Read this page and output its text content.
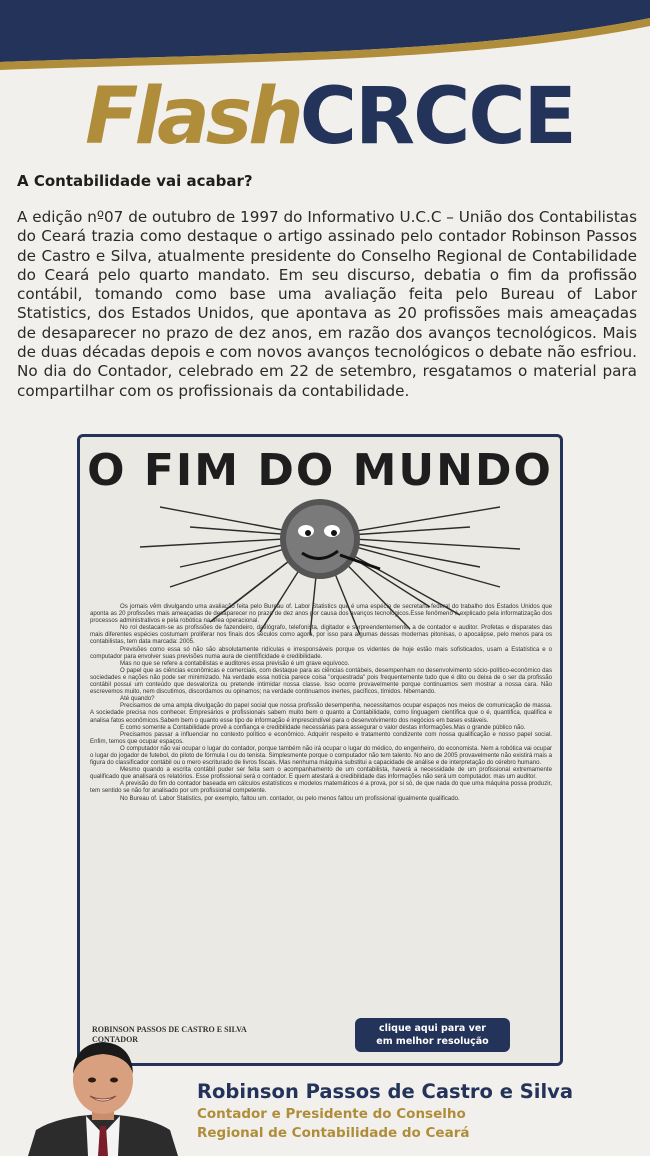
Flash CRCCE
A Contabilidade vai acabar?
A edição nº07 de outubro de 1997 do Informativo U.C.C – União dos Contabilistas do Ceará trazia como destaque o artigo assinado pelo contador Robinson Passos de Castro e Silva, atualmente presidente do Conselho Regional de Contabilidade do Ceará pelo quarto mandato. Em seu discurso, debatia o fim da profissão contábil, tomando como base uma avaliação feita pelo Bureau of Labor Statistics, dos Estados Unidos, que apontava as 20 profissões mais ameaçadas de desaparecer no prazo de dez anos, em razão dos avanços tecnológicos. Mais de duas décadas depois e com novos avanços tecnológicos o debate não esfriou. No dia do Contador, celebrado em 22 de setembro, resgatamos o material para compartilhar com os profissionais da contabilidade.
O FIM DO MUNDO

Os jornais vêm divulgando uma avaliação feita pelo Bureau of. Labor Statistics que é uma espécie de secretaria federal do trabalho dos Estados Unidos que aponta as 20 profissões mais ameaçadas de desaparecer no prazo de dez anos por causa dos avanços tecnológicos.Esse fenômeno é explicado pela informatização dos processos administrativos e pela robótica na área operacional.

No rol destacam-se as profissões de fazendeiro, datilógrafo, telefonista, digitador e surpreendentemente, a de contador e auditor. Profetas e disparates das mais diferentes espécies costumam proliferar nos finais dos séculos como agora, por isso para algumas dessas modernas pitonisas, o apocalipse, pelo menos para os contabilistas, tem data marcada: 2005.

Previsões como essa só não são absolutamente ridículas e irresponsáveis porque os videntes de hoje estão mais sofisticados, usam a Estatística e o computador para envolver suas previsões numa aura de científicidade e credibilidade.

Mas no que se refere a contabilistas e auditores essa previsão é um grave equívoco.

O papel que as ciências econômicas e comerciais, com destaque para as ciências contábeis, desempenham no desenvolvimento sócio-político-econômico das sociedades e nações não pode ser minimizado. Na verdade essa notícia parece coisa "orquestrada" pois frequentemente tudo que é dito ou deixa de o ser da profissão contábil possui um conteúdo que desvaloriza ou pretende intimidar nossa classe. Isso ocorre provavelmente porque continuamos sem mostrar a nossa cara. Não escrevemos muito, nem discutimos, discordamos ou opinamos; na verdade continuamos inertes, pacíficos, tímidos. hibernando.

Até quando?

Precisamos de uma ampla divulgação do papel social que nossa profissão desempenha, necessitamos ocupar espaços nos meios de comunicação de massa. A sociedade precisa nos conhecer. Empresários e profissionais sabem muito bem o quanto a Contabilidade, como linguagem científica que o é, quantifica, qualifica e analisa fatos econômicos.Sabem bem o quanto esse tipo de informação é imprescindível para o desenvolvimento dos negócios em bases estáveis.

E como somente a Contabilidade provê a confiança e credibilidade necessárias para assegurar o valor destas informações.Mas o grande público não.

Precisamos passar a influenciar no contexto político e econômico. Adquirir respeito e tratamento condizente com nossa qualificação e nosso papel social. Enfim, temos que ocupar espaços.

O computador não vai ocupar o lugar do contador, porque também não irá ocupar o lugar do médico, do engenheiro, do economista. Nem a robótica vai ocupar o lugar do jogador de futebol, do piloto de fórmula I ou do tenista. Simplesmente porque o computador não tem talento. No ano de 2005 provavelmente não existirá mais a figura do classificador contábil ou o mero escriturado de livros fiscais. Mas nenhuma máquina substitui a capacidade de análise e de interpretação do cérebro humano.

Mesmo quando a escrita contábil puder ser feita sem o acompanhamento de um contabilista, haverá a necessidade de um profissional extremamente qualificado que analisará os relatórios. Esse profissional será o contador. E quem atestará a credibilidade das informações não será um computador. mas um auditor.

A previsão do fim do contador baseada em cálculos estatísticos e modelos matemáticos é a prova, por si só, de que nada do que uma máquina possa produzir, tem sentido se não for analisado por um profissional competente.

No Bureau of. Labor Statistics, por exemplo, faltou um. contador, ou pelo menos faltou um profissional igualmente qualificado.

ROBINSON PASSOS DE CASTRO E SILVA
CONTADOR
clique aqui para ver
em melhor resolução
Robinson Passos de Castro e Silva
Contador e Presidente do Conselho
Regional de Contabilidade do Ceará
